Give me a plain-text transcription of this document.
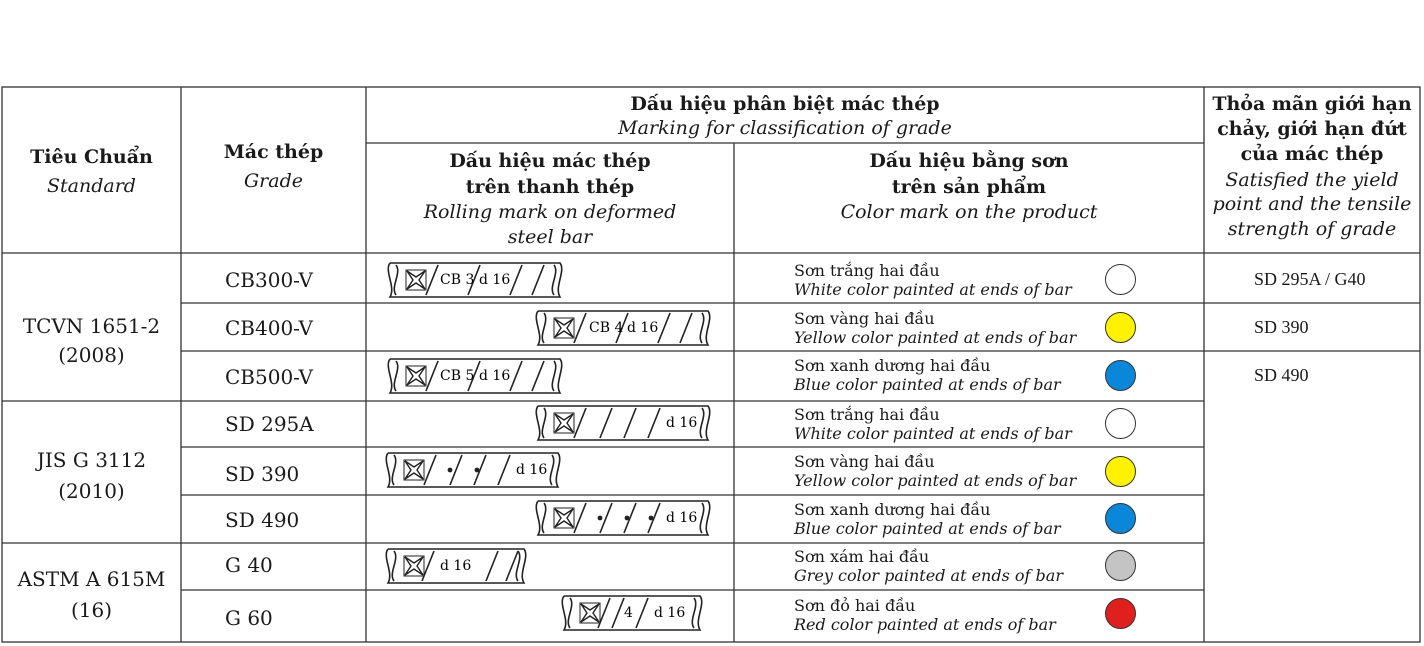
Tiêu Chuẩn
Standard
Mác thép
Grade
Dấu hiệu phân biệt mác thép
Marking for classification of grade
Dấu hiệu mác thép
trên thanh thép
Rolling mark on deformed
steel bar
Dấu hiệu bằng sơn
trên sản phẩm
Color mark on the product
Thỏa mãn giới hạn
chảy, giới hạn đứt
của mác thép
Satisfied the yield
point and the tensile
strength of grade
TCVN 1651-2
(2008)
JIS G 3112
(2010)
ASTM A 615M
(16)
SD 295A / G40
SD 390
SD 490
CB300-V
CB400-V
CB500-V
SD 295A
SD 390
SD 490
G 40
G 60
Sơn trắng hai đầu
White color painted at ends of bar
Sơn vàng hai đầu
Yellow color painted at ends of bar
Sơn xanh dương hai đầu
Blue color painted at ends of bar
Sơn trắng hai đầu
White color painted at ends of bar
Sơn vàng hai đầu
Yellow color painted at ends of bar
Sơn xanh dương hai đầu
Blue color painted at ends of bar
Sơn xám hai đầu
Grey color painted at ends of bar
Sơn đỏ hai đầu
Red color painted at ends of bar
CB 3 d 16
CB 4 d 16
CB 5 d 16
d 16
d 16
d 16
d 16
4 d 16
